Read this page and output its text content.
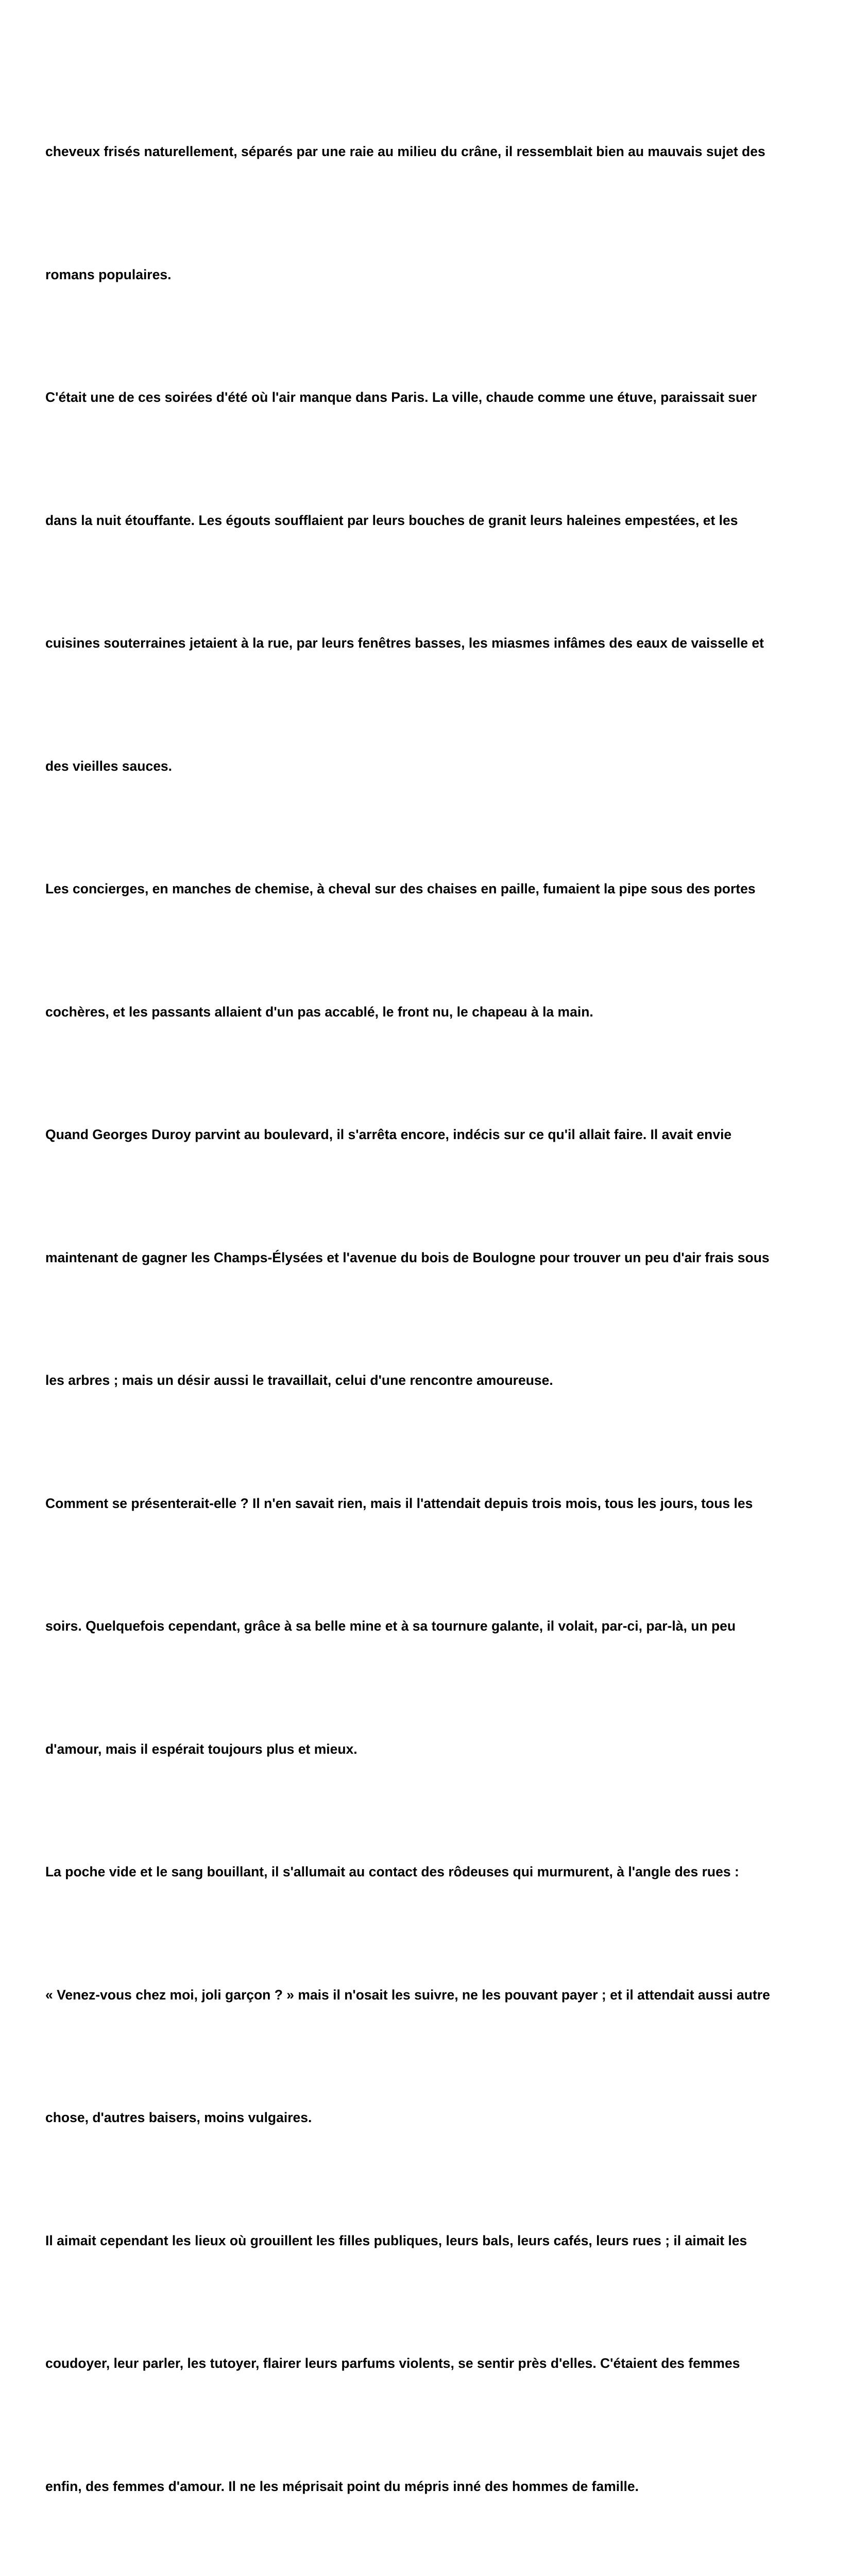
cheveux frisés naturellement, séparés par une raie au milieu du crâne, il ressemblait bien au mauvais sujet des

romans populaires.

C'était une de ces soirées d'été où l'air manque dans Paris. La ville, chaude comme une étuve, paraissait suer

dans la nuit étouffante. Les égouts soufflaient par leurs bouches de granit leurs haleines empestées, et les

cuisines souterraines jetaient à la rue, par leurs fenêtres basses, les miasmes infâmes des eaux de vaisselle et

des vieilles sauces.

Les concierges, en manches de chemise, à cheval sur des chaises en paille, fumaient la pipe sous des portes

cochères, et les passants allaient d'un pas accablé, le front nu, le chapeau à la main.

Quand Georges Duroy parvint au boulevard, il s'arrêta encore, indécis sur ce qu'il allait faire. Il avait envie

maintenant de gagner les Champs-Élysées et l'avenue du bois de Boulogne pour trouver un peu d'air frais sous

les arbres ; mais un désir aussi le travaillait, celui d'une rencontre amoureuse.

Comment se présenterait-elle ? Il n'en savait rien, mais il l'attendait depuis trois mois, tous les jours, tous les

soirs. Quelquefois cependant, grâce à sa belle mine et à sa tournure galante, il volait, par-ci, par-là, un peu

d'amour, mais il espérait toujours plus et mieux.

La poche vide et le sang bouillant, il s'allumait au contact des rôdeuses qui murmurent, à l'angle des rues :

« Venez-vous chez moi, joli garçon ? » mais il n'osait les suivre, ne les pouvant payer ; et il attendait aussi autre

chose, d'autres baisers, moins vulgaires.

Il aimait cependant les lieux où grouillent les filles publiques, leurs bals, leurs cafés, leurs rues ; il aimait les

coudoyer, leur parler, les tutoyer, flairer leurs parfums violents, se sentir près d'elles. C'étaient des femmes

enfin, des femmes d'amour. Il ne les méprisait point du mépris inné des hommes de famille.
